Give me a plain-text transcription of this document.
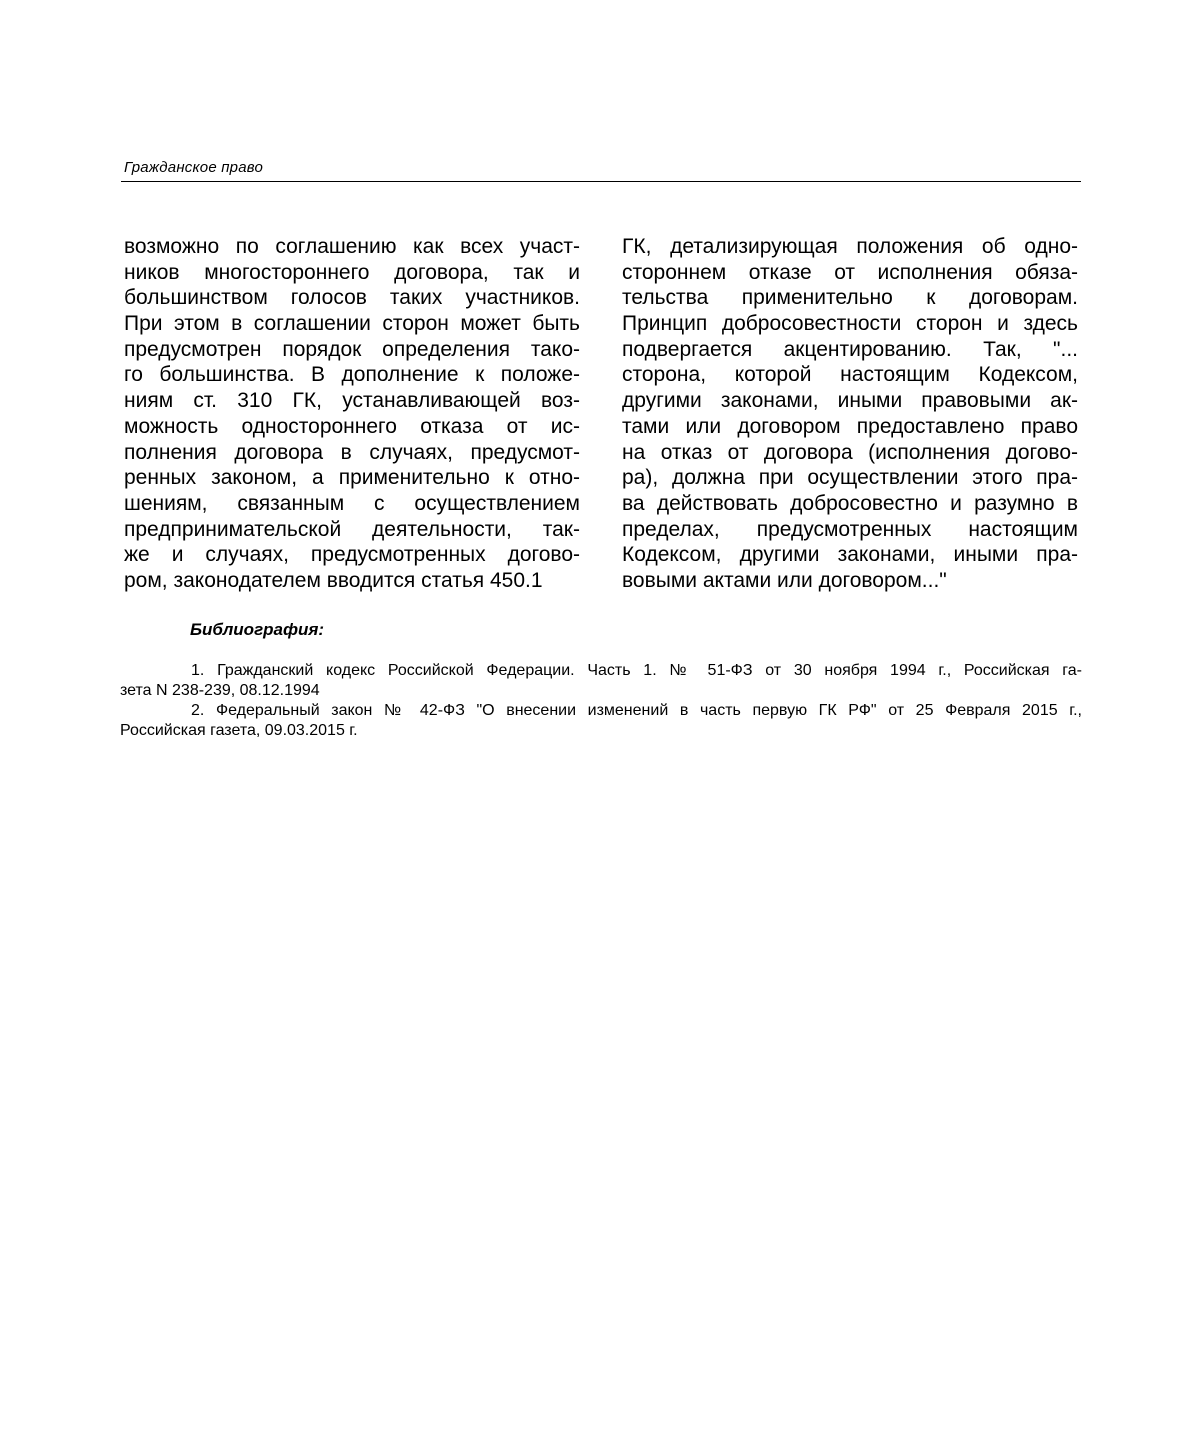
Гражданское право
возможно по соглашению как всех участ-
ников многостороннего договора, так и
большинством голосов таких участников.
При этом в соглашении сторон может быть
предусмотрен порядок определения тако-
го большинства. В дополнение к положе-
ниям ст. 310 ГК, устанавливающей воз-
можность одностороннего отказа от ис-
полнения договора в случаях, предусмот-
ренных законом, а применительно к отно-
шениям, связанным с осуществлением
предпринимательской деятельности, так-
же и случаях, предусмотренных догово-
ром, законодателем вводится статья 450.1
ГК, детализирующая положения об одно-
стороннем отказе от исполнения обяза-
тельства применительно к договорам.
Принцип добросовестности сторон и здесь
подвергается акцентированию. Так, "...
сторона, которой настоящим Кодексом,
другими законами, иными правовыми ак-
тами или договором предоставлено право
на отказ от договора (исполнения догово-
ра), должна при осуществлении этого пра-
ва действовать добросовестно и разумно в
пределах, предусмотренных настоящим
Кодексом, другими законами, иными пра-
вовыми актами или договором..."
Библиография:
1. Гражданский кодекс Российской Федерации. Часть 1. № 51-ФЗ от 30 ноября 1994 г., Российская га-
зета N 238-239, 08.12.1994
2. Федеральный закон № 42-ФЗ "О внесении изменений в часть первую ГК РФ" от 25 Февраля 2015 г.,
Российская газета, 09.03.2015 г.
